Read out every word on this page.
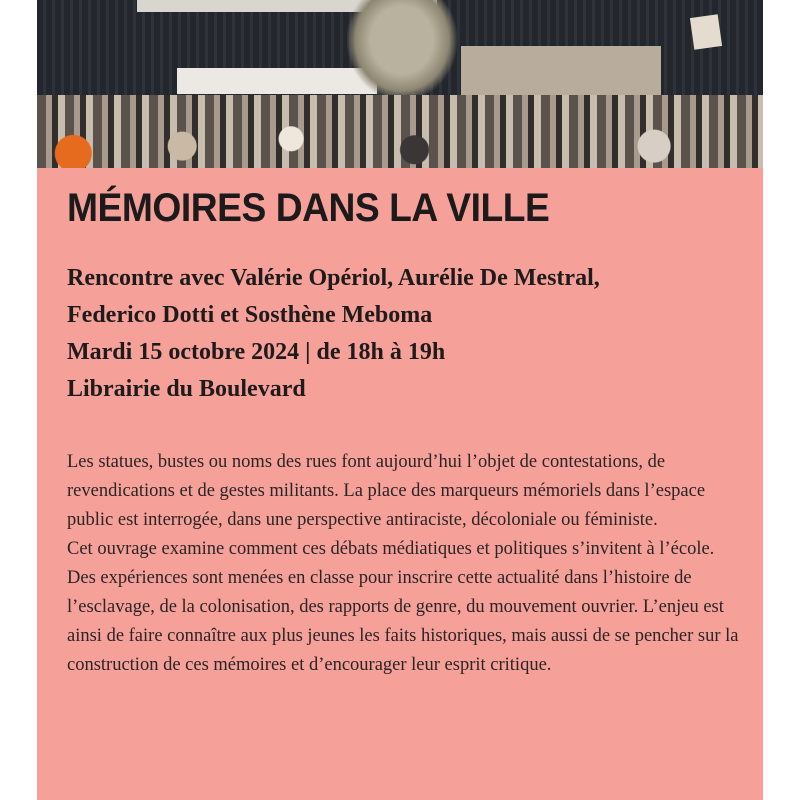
MÉMOIRES DANS LA VILLE
Rencontre avec Valérie Opériol, Aurélie De Mestral,
Federico Dotti et Sosthène Meboma
Mardi 15 octobre 2024 | de 18h à 19h
Librairie du Boulevard

Les statues, bustes ou noms des rues font aujourd’hui l’objet de contestations, de revendications et de gestes militants. La place des marqueurs mémoriels dans l’espace public est interrogée, dans une perspective antiraciste, décoloniale ou féministe.

Cet ouvrage examine comment ces débats médiatiques et politiques s’invitent à l’école. Des expériences sont menées en classe pour inscrire cette actualité dans l’histoire de l’esclavage, de la colonisation, des rapports de genre, du mouvement ouvrier. L’enjeu est ainsi de faire connaître aux plus jeunes les faits historiques, mais aussi de se pencher sur la construction de ces mémoires et d’encourager leur esprit critique.
